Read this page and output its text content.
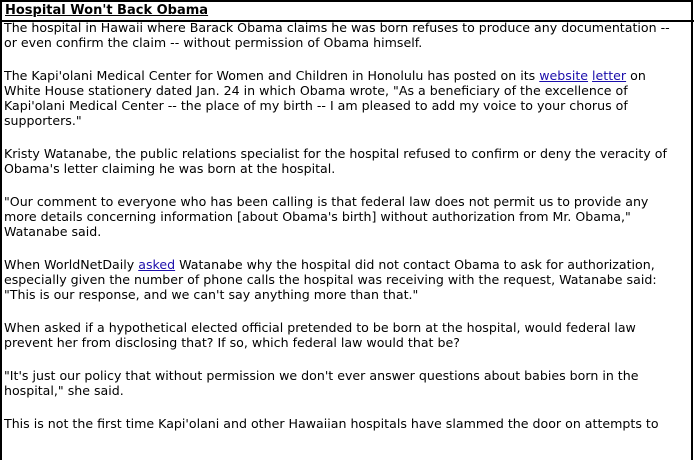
Hospital Won't Back Obama
The hospital in Hawaii where Barack Obama claims he was born refuses to produce any documentation --
or even confirm the claim -- without permission of Obama himself.
The Kapi'olani Medical Center for Women and Children in Honolulu has posted on its website letter on
White House stationery dated Jan. 24 in which Obama wrote, "As a beneficiary of the excellence of
Kapi'olani Medical Center -- the place of my birth -- I am pleased to add my voice to your chorus of
supporters."
Kristy Watanabe, the public relations specialist for the hospital refused to confirm or deny the veracity of
Obama's letter claiming he was born at the hospital.
"Our comment to everyone who has been calling is that federal law does not permit us to provide any
more details concerning information [about Obama's birth] without authorization from Mr. Obama,"
Watanabe said.
When WorldNetDaily asked Watanabe why the hospital did not contact Obama to ask for authorization,
especially given the number of phone calls the hospital was receiving with the request, Watanabe said:
"This is our response, and we can't say anything more than that."
When asked if a hypothetical elected official pretended to be born at the hospital, would federal law
prevent her from disclosing that? If so, which federal law would that be?
"It's just our policy that without permission we don't ever answer questions about babies born in the
hospital," she said.
This is not the first time Kapi'olani and other Hawaiian hospitals have slammed the door on attempts to
